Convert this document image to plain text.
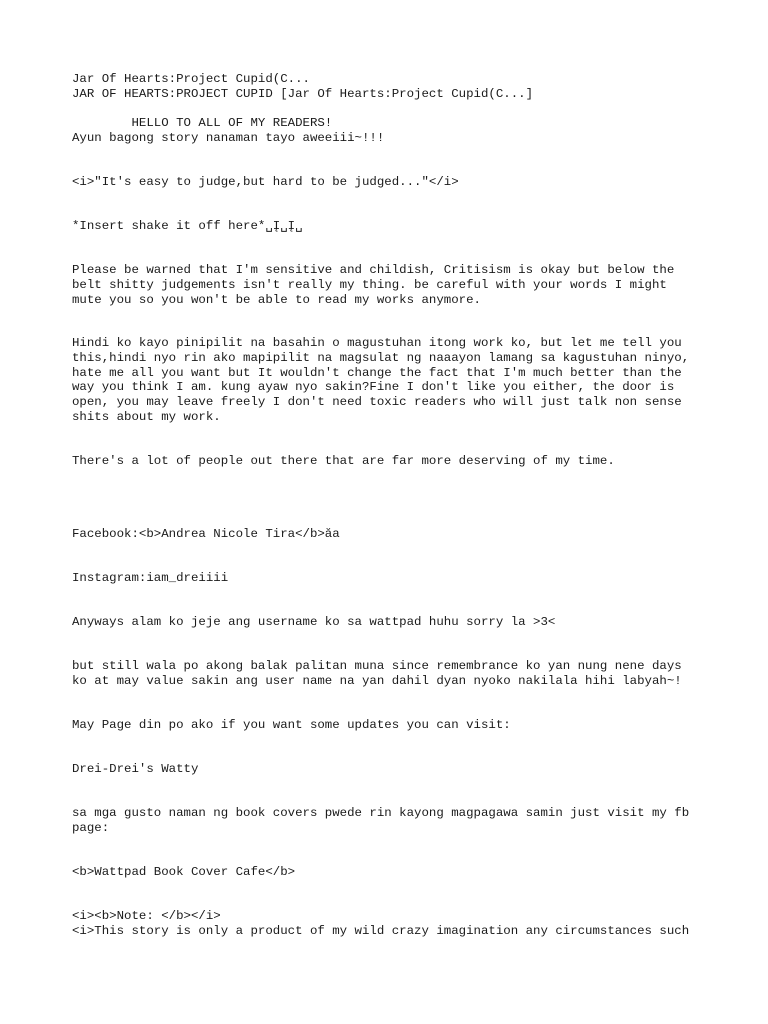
Jar Of Hearts:Project Cupid(C...

JAR OF HEARTS:PROJECT CUPID [Jar Of Hearts:Project Cupid(C...]

HELLO TO ALL OF MY READERS!

Ayun bagong story nanaman tayo aweeiii~!!!

<i>"It's easy to judge,but hard to be judged..."</i>

*Insert shake it off here*␣Į␣Į␣

Please be warned that I'm sensitive and childish, Critisism is okay but below the

belt shitty judgements isn't really my thing. be careful with your words I might

mute you so you won't be able to read my works anymore.

Hindi ko kayo pinipilit na basahin o magustuhan itong work ko, but let me tell you

this,hindi nyo rin ako mapipilit na magsulat ng naaayon lamang sa kagustuhan ninyo,

hate me all you want but It wouldn't change the fact that I'm much better than the

way you think I am. kung ayaw nyo sakin?Fine I don't like you either, the door is

open, you may leave freely I don't need toxic readers who will just talk non sense

shits about my work.

There's a lot of people out there that are far more deserving of my time.

Facebook:<b>Andrea Nicole Tira</b>ăa

Instagram:iam_dreiiii

Anyways alam ko jeje ang username ko sa wattpad huhu sorry la >3<

but still wala po akong balak palitan muna since remembrance ko yan nung nene days

ko at may value sakin ang user name na yan dahil dyan nyoko nakilala hihi labyah~!

May Page din po ako if you want some updates you can visit:

Drei-Drei's Watty

sa mga gusto naman ng book covers pwede rin kayong magpagawa samin just visit my fb

page:

<b>Wattpad Book Cover Cafe</b>

<i><b>Note: </b></i>

<i>This story is only a product of my wild crazy imagination any circumstances such
